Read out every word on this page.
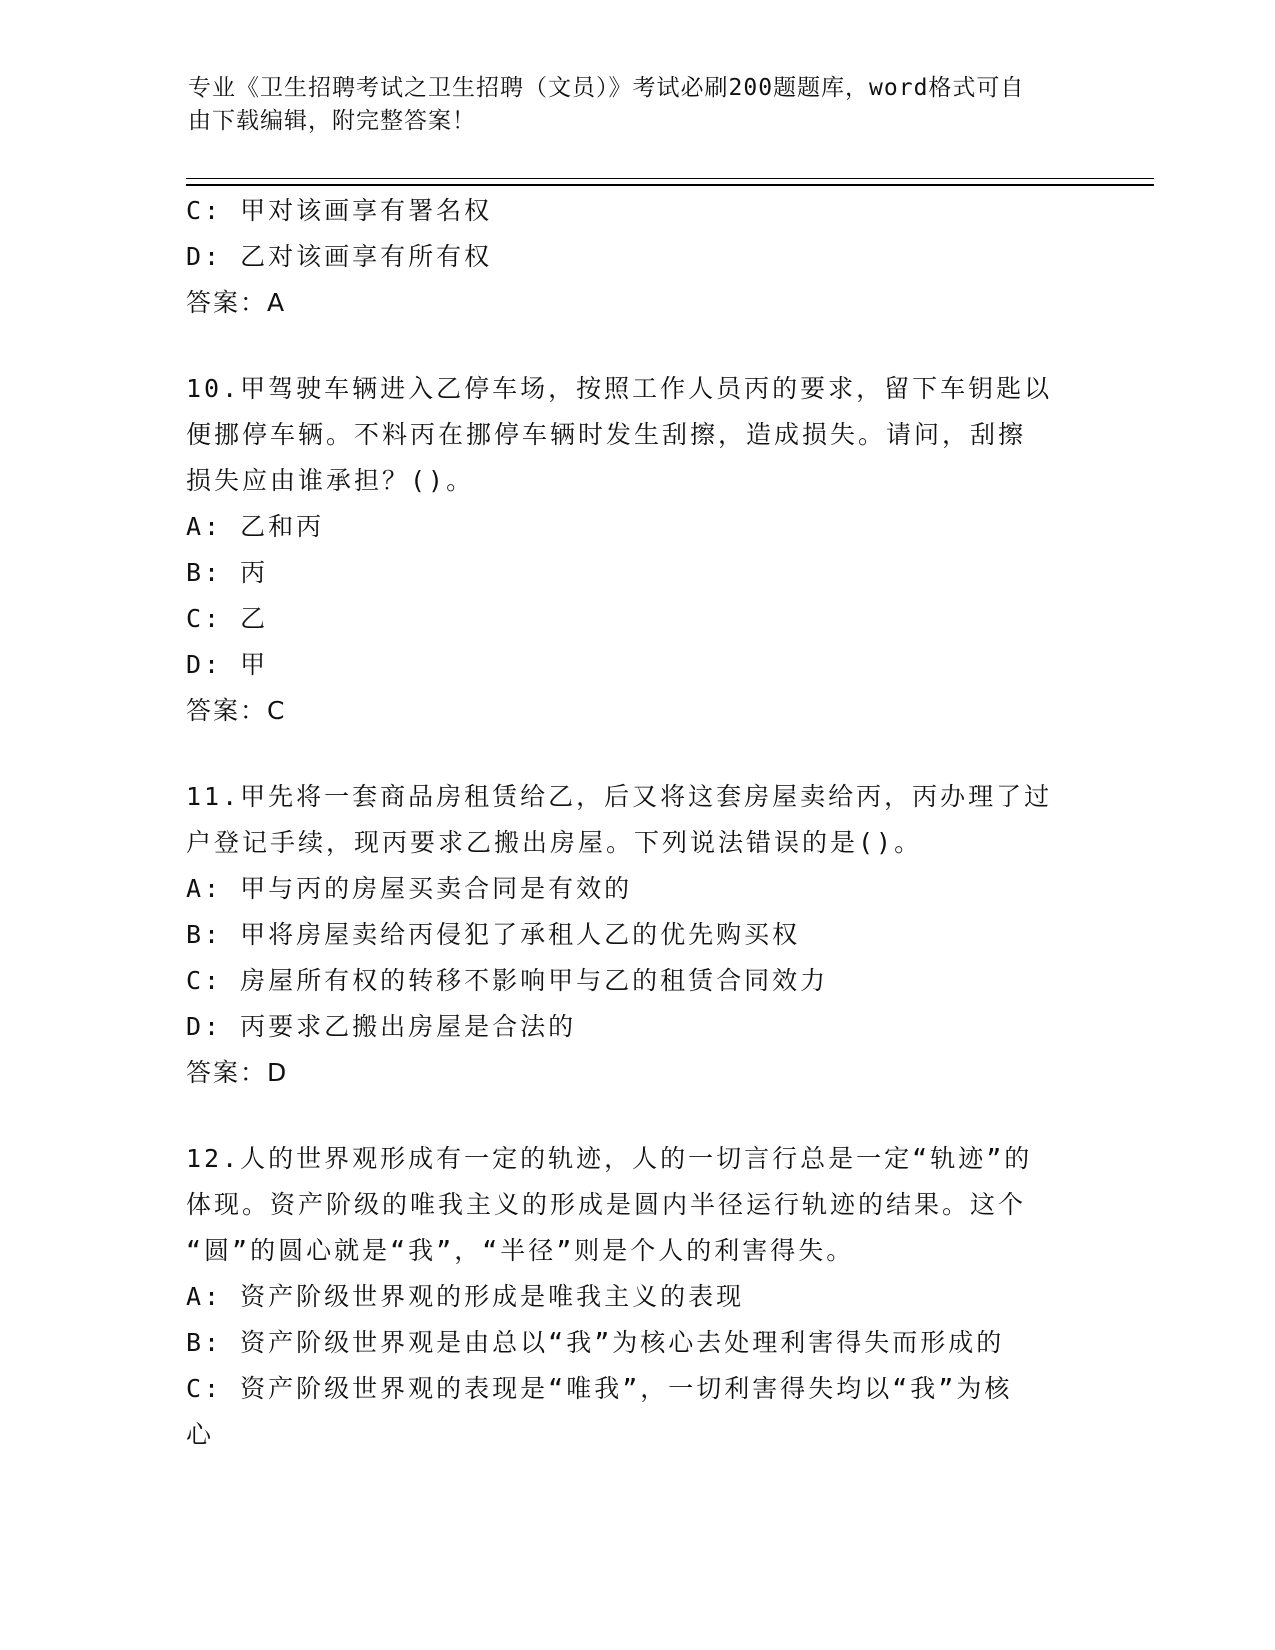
专业《卫生招聘考试之卫生招聘（文员）》考试必刷200题题库，word格式可自
由下载编辑，附完整答案！
C: 甲对该画享有署名权
D: 乙对该画享有所有权
答案：A
10.甲驾驶车辆进入乙停车场，按照工作人员丙的要求，留下车钥匙以
便挪停车辆。不料丙在挪停车辆时发生刮擦，造成损失。请问，刮擦
损失应由谁承担？()。
A: 乙和丙
B: 丙
C: 乙
D: 甲
答案：C
11.甲先将一套商品房租赁给乙，后又将这套房屋卖给丙，丙办理了过
户登记手续，现丙要求乙搬出房屋。下列说法错误的是()。
A: 甲与丙的房屋买卖合同是有效的
B: 甲将房屋卖给丙侵犯了承租人乙的优先购买权
C: 房屋所有权的转移不影响甲与乙的租赁合同效力
D: 丙要求乙搬出房屋是合法的
答案：D
12.人的世界观形成有一定的轨迹，人的一切言行总是一定“轨迹”的
体现。资产阶级的唯我主义的形成是圆内半径运行轨迹的结果。这个
“圆”的圆心就是“我”，“半径”则是个人的利害得失。
A: 资产阶级世界观的形成是唯我主义的表现
B: 资产阶级世界观是由总以“我”为核心去处理利害得失而形成的
C: 资产阶级世界观的表现是“唯我”，一切利害得失均以“我”为核
心
